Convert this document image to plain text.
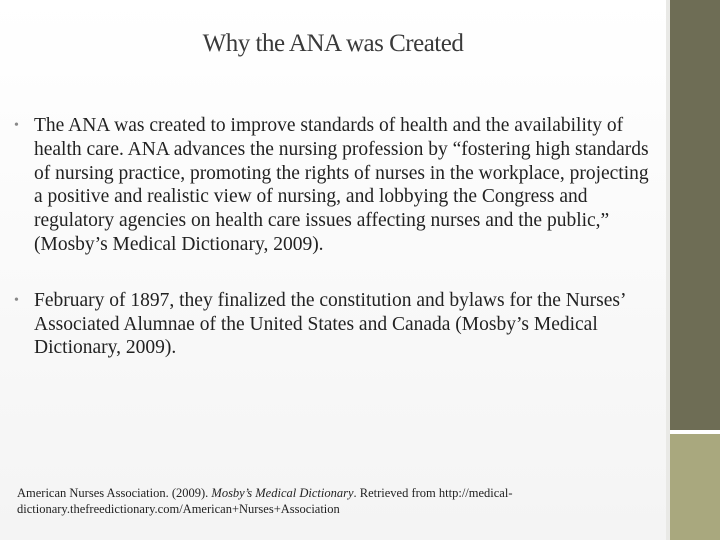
Why the ANA was Created
• The ANA was created to improve standards of health and the availability of health care. ANA advances the nursing profession by “fostering high standards of nursing practice, promoting the rights of nurses in the workplace, projecting a positive and realistic view of nursing, and lobbying the Congress and regulatory agencies on health care issues affecting nurses and the public,” (Mosby’s Medical Dictionary, 2009).
• February of 1897, they finalized the constitution and bylaws for the Nurses’ Associated Alumnae of the United States and Canada (Mosby’s Medical Dictionary, 2009).

American Nurses Association. (2009). Mosby’s Medical Dictionary. Retrieved from http://medical-dictionary.thefreedictionary.com/American+Nurses+Association
